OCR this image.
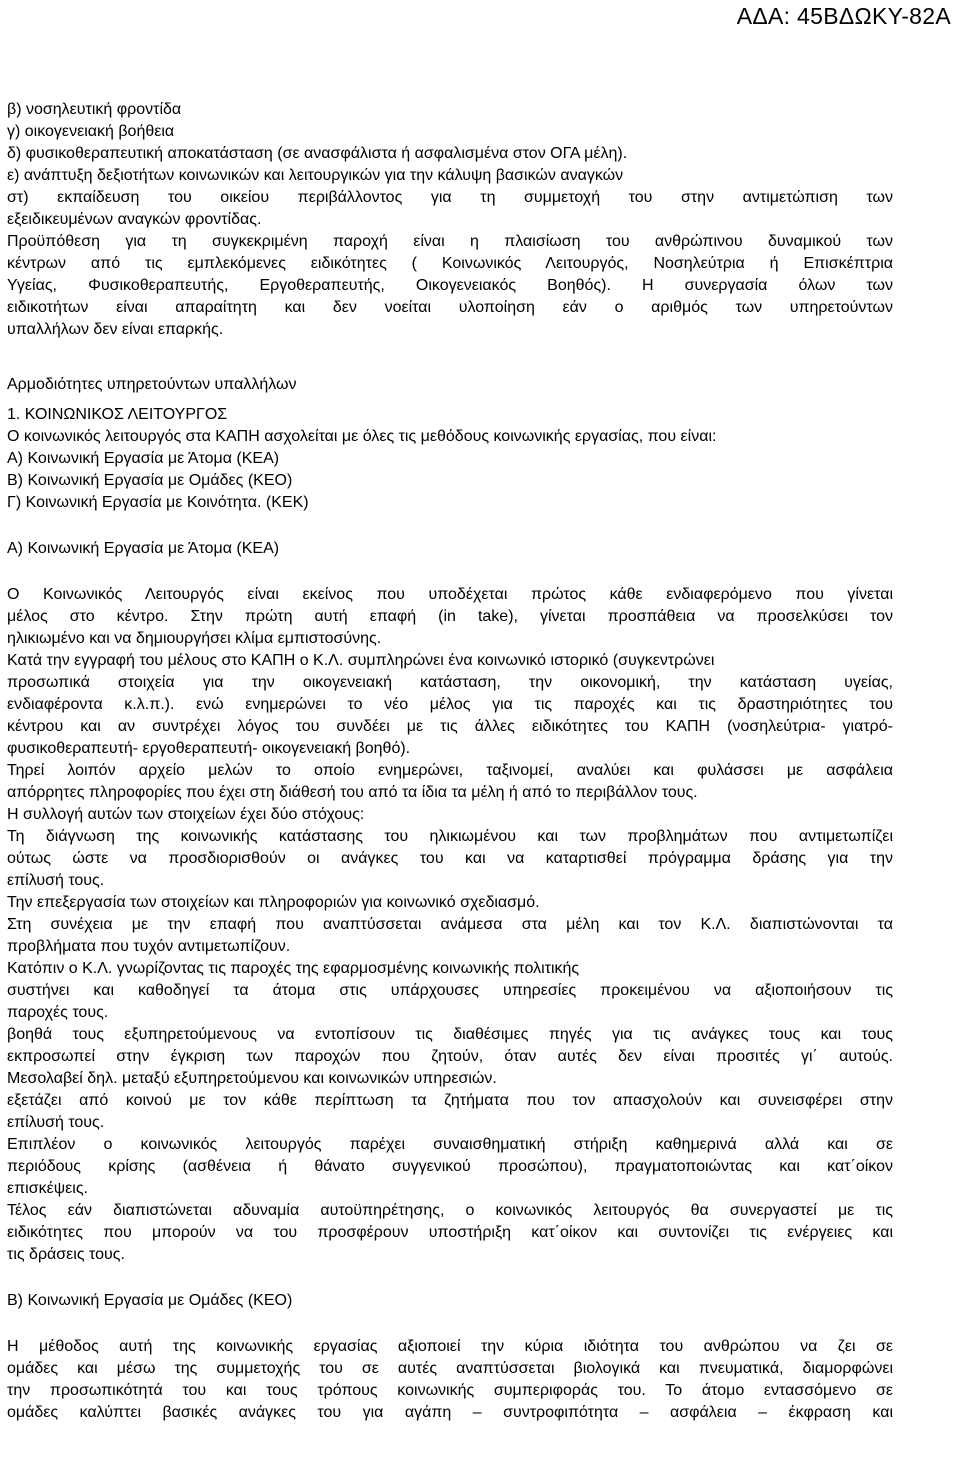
ΑΔΑ: 45ΒΔΩΚΥ-82Α
β) νοσηλευτική φροντίδα
γ) οικογενειακή βοήθεια
δ) φυσικοθεραπευτική αποκατάσταση (σε ανασφάλιστα ή ασφαλισμένα στον ΟΓΑ μέλη).
ε) ανάπτυξη δεξιοτήτων κοινωνικών και λειτουργικών για την κάλυψη βασικών αναγκών
στ) εκπαίδευση του οικείου περιβάλλοντος για τη συμμετοχή του στην αντιμετώπιση των
εξειδικευμένων αναγκών φροντίδας.
Προϋπόθεση για τη συγκεκριμένη παροχή είναι η πλαισίωση του ανθρώπινου δυναμικού των
κέντρων από τις εμπλεκόμενες ειδικότητες ( Κοινωνικός Λειτουργός, Νοσηλεύτρια ή Επισκέπτρια
Υγείας, Φυσικοθεραπευτής, Εργοθεραπευτής, Οικογενειακός Βοηθός). Η συνεργασία όλων των
ειδικοτήτων είναι απαραίτητη και δεν νοείται υλοποίηση εάν ο αριθμός των υπηρετούντων
υπαλλήλων δεν είναι επαρκής.
Αρμοδιότητες υπηρετούντων υπαλλήλων
1. ΚΟΙΝΩΝΙΚΟΣ ΛΕΙΤΟΥΡΓΟΣ
Ο κοινωνικός λειτουργός στα ΚΑΠΗ ασχολείται με όλες τις μεθόδους κοινωνικής εργασίας, που είναι:
Α) Κοινωνική Εργασία με Άτομα (ΚΕΑ)
Β) Κοινωνική Εργασία με Ομάδες (ΚΕΟ)
Γ) Κοινωνική Εργασία με Κοινότητα. (ΚΕΚ)
Α) Κοινωνική Εργασία με Άτομα (ΚΕΑ)
Ο Κοινωνικός Λειτουργός είναι εκείνος που υποδέχεται πρώτος κάθε ενδιαφερόμενο που γίνεται
μέλος στο κέντρο. Στην πρώτη αυτή επαφή (in take), γίνεται προσπάθεια να προσελκύσει τον
ηλικιωμένο και να δημιουργήσει κλίμα εμπιστοσύνης.
Κατά την εγγραφή του μέλους στο ΚΑΠΗ ο Κ.Λ. συμπληρώνει ένα κοινωνικό ιστορικό (συγκεντρώνει
προσωπικά στοιχεία για την οικογενειακή κατάσταση, την οικονομική, την κατάσταση υγείας,
ενδιαφέροντα κ.λ.π.). ενώ ενημερώνει το νέο μέλος για τις παροχές και τις δραστηριότητες του
κέντρου και αν συντρέχει λόγος του συνδέει με τις άλλες ειδικότητες του ΚΑΠΗ (νοσηλεύτρια- γιατρό-
φυσικοθεραπευτή- εργοθεραπευτή- οικογενειακή βοηθό).
Τηρεί λοιπόν αρχείο μελών το οποίο ενημερώνει, ταξινομεί, αναλύει και φυλάσσει με ασφάλεια
απόρρητες πληροφορίες που έχει στη διάθεσή του από τα ίδια τα μέλη ή από το περιβάλλον τους.
Η συλλογή αυτών των στοιχείων έχει δύο στόχους:
Τη διάγνωση της κοινωνικής κατάστασης του ηλικιωμένου και των προβλημάτων που αντιμετωπίζει
ούτως ώστε να προσδιορισθούν οι ανάγκες του και να καταρτισθεί πρόγραμμα δράσης για την
επίλυσή τους.
Την επεξεργασία των στοιχείων και πληροφοριών για κοινωνικό σχεδιασμό.
Στη συνέχεια με την επαφή που αναπτύσσεται ανάμεσα στα μέλη και τον Κ.Λ. διαπιστώνονται τα
προβλήματα που τυχόν αντιμετωπίζουν.
Κατόπιν ο Κ.Λ. γνωρίζοντας τις παροχές της εφαρμοσμένης κοινωνικής πολιτικής
συστήνει και καθοδηγεί τα άτομα στις υπάρχουσες υπηρεσίες προκειμένου να αξιοποιήσουν τις
παροχές τους.
βοηθά τους εξυπηρετούμενους να εντοπίσουν τις διαθέσιμες πηγές για τις ανάγκες τους και τους
εκπροσωπεί στην έγκριση των παροχών που ζητούν, όταν αυτές δεν είναι προσιτές γι΄ αυτούς.
Μεσολαβεί δηλ. μεταξύ εξυπηρετούμενου και κοινωνικών υπηρεσιών.
εξετάζει από κοινού με τον κάθε περίπτωση τα ζητήματα που τον απασχολούν και συνεισφέρει στην
επίλυσή τους.
Επιπλέον ο κοινωνικός λειτουργός παρέχει συναισθηματική στήριξη καθημερινά αλλά και σε
περιόδους κρίσης (ασθένεια ή θάνατο συγγενικού προσώπου), πραγματοποιώντας και κατ΄οίκον
επισκέψεις.
Τέλος εάν διαπιστώνεται αδυναμία αυτοϋπηρέτησης, ο κοινωνικός λειτουργός θα συνεργαστεί με τις
ειδικότητες που μπορούν να του προσφέρουν υποστήριξη κατ΄οίκον και συντονίζει τις ενέργειες και
τις δράσεις τους.
Β) Κοινωνική Εργασία με Ομάδες (ΚΕΟ)
Η μέθοδος αυτή της κοινωνικής εργασίας αξιοποιεί την κύρια ιδιότητα του ανθρώπου να ζει σε
ομάδες και μέσω της συμμετοχής του σε αυτές αναπτύσσεται βιολογικά και πνευματικά, διαμορφώνει
την προσωπικότητά του και τους τρόπους κοινωνικής συμπεριφοράς του. Το άτομο εντασσόμενο σε
ομάδες καλύπτει βασικές ανάγκες του για αγάπη – συντροφιπότητα – ασφάλεια – έκφραση και
